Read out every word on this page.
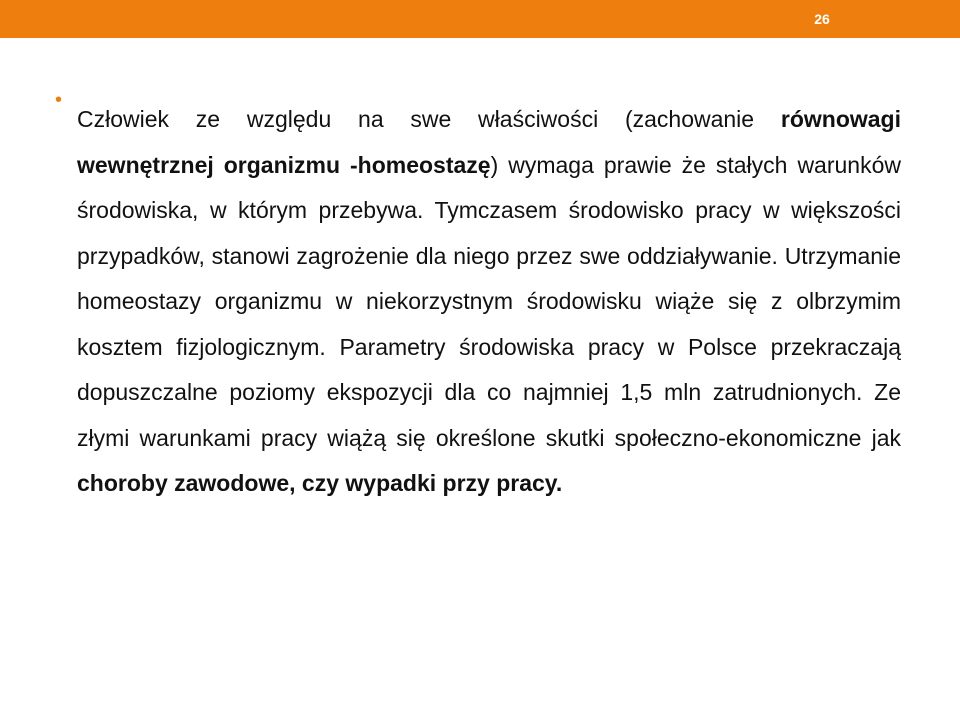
26
•

Człowiek ze względu na swe właściwości (zachowanie równowagi wewnętrznej organizmu -homeostazę) wymaga prawie że stałych warunków środowiska, w którym przebywa. Tymczasem środowisko pracy w większości przypadków, stanowi zagrożenie dla niego przez swe oddziaływanie. Utrzymanie homeostazy organizmu w niekorzystnym środowisku wiąże się z olbrzymim kosztem fizjologicznym. Parametry środowiska pracy w Polsce przekraczają dopuszczalne poziomy ekspozycji dla co najmniej 1,5 mln zatrudnionych. Ze złymi warunkami pracy wiążą się określone skutki społeczno-ekonomiczne jak choroby zawodowe, czy wypadki przy pracy.
